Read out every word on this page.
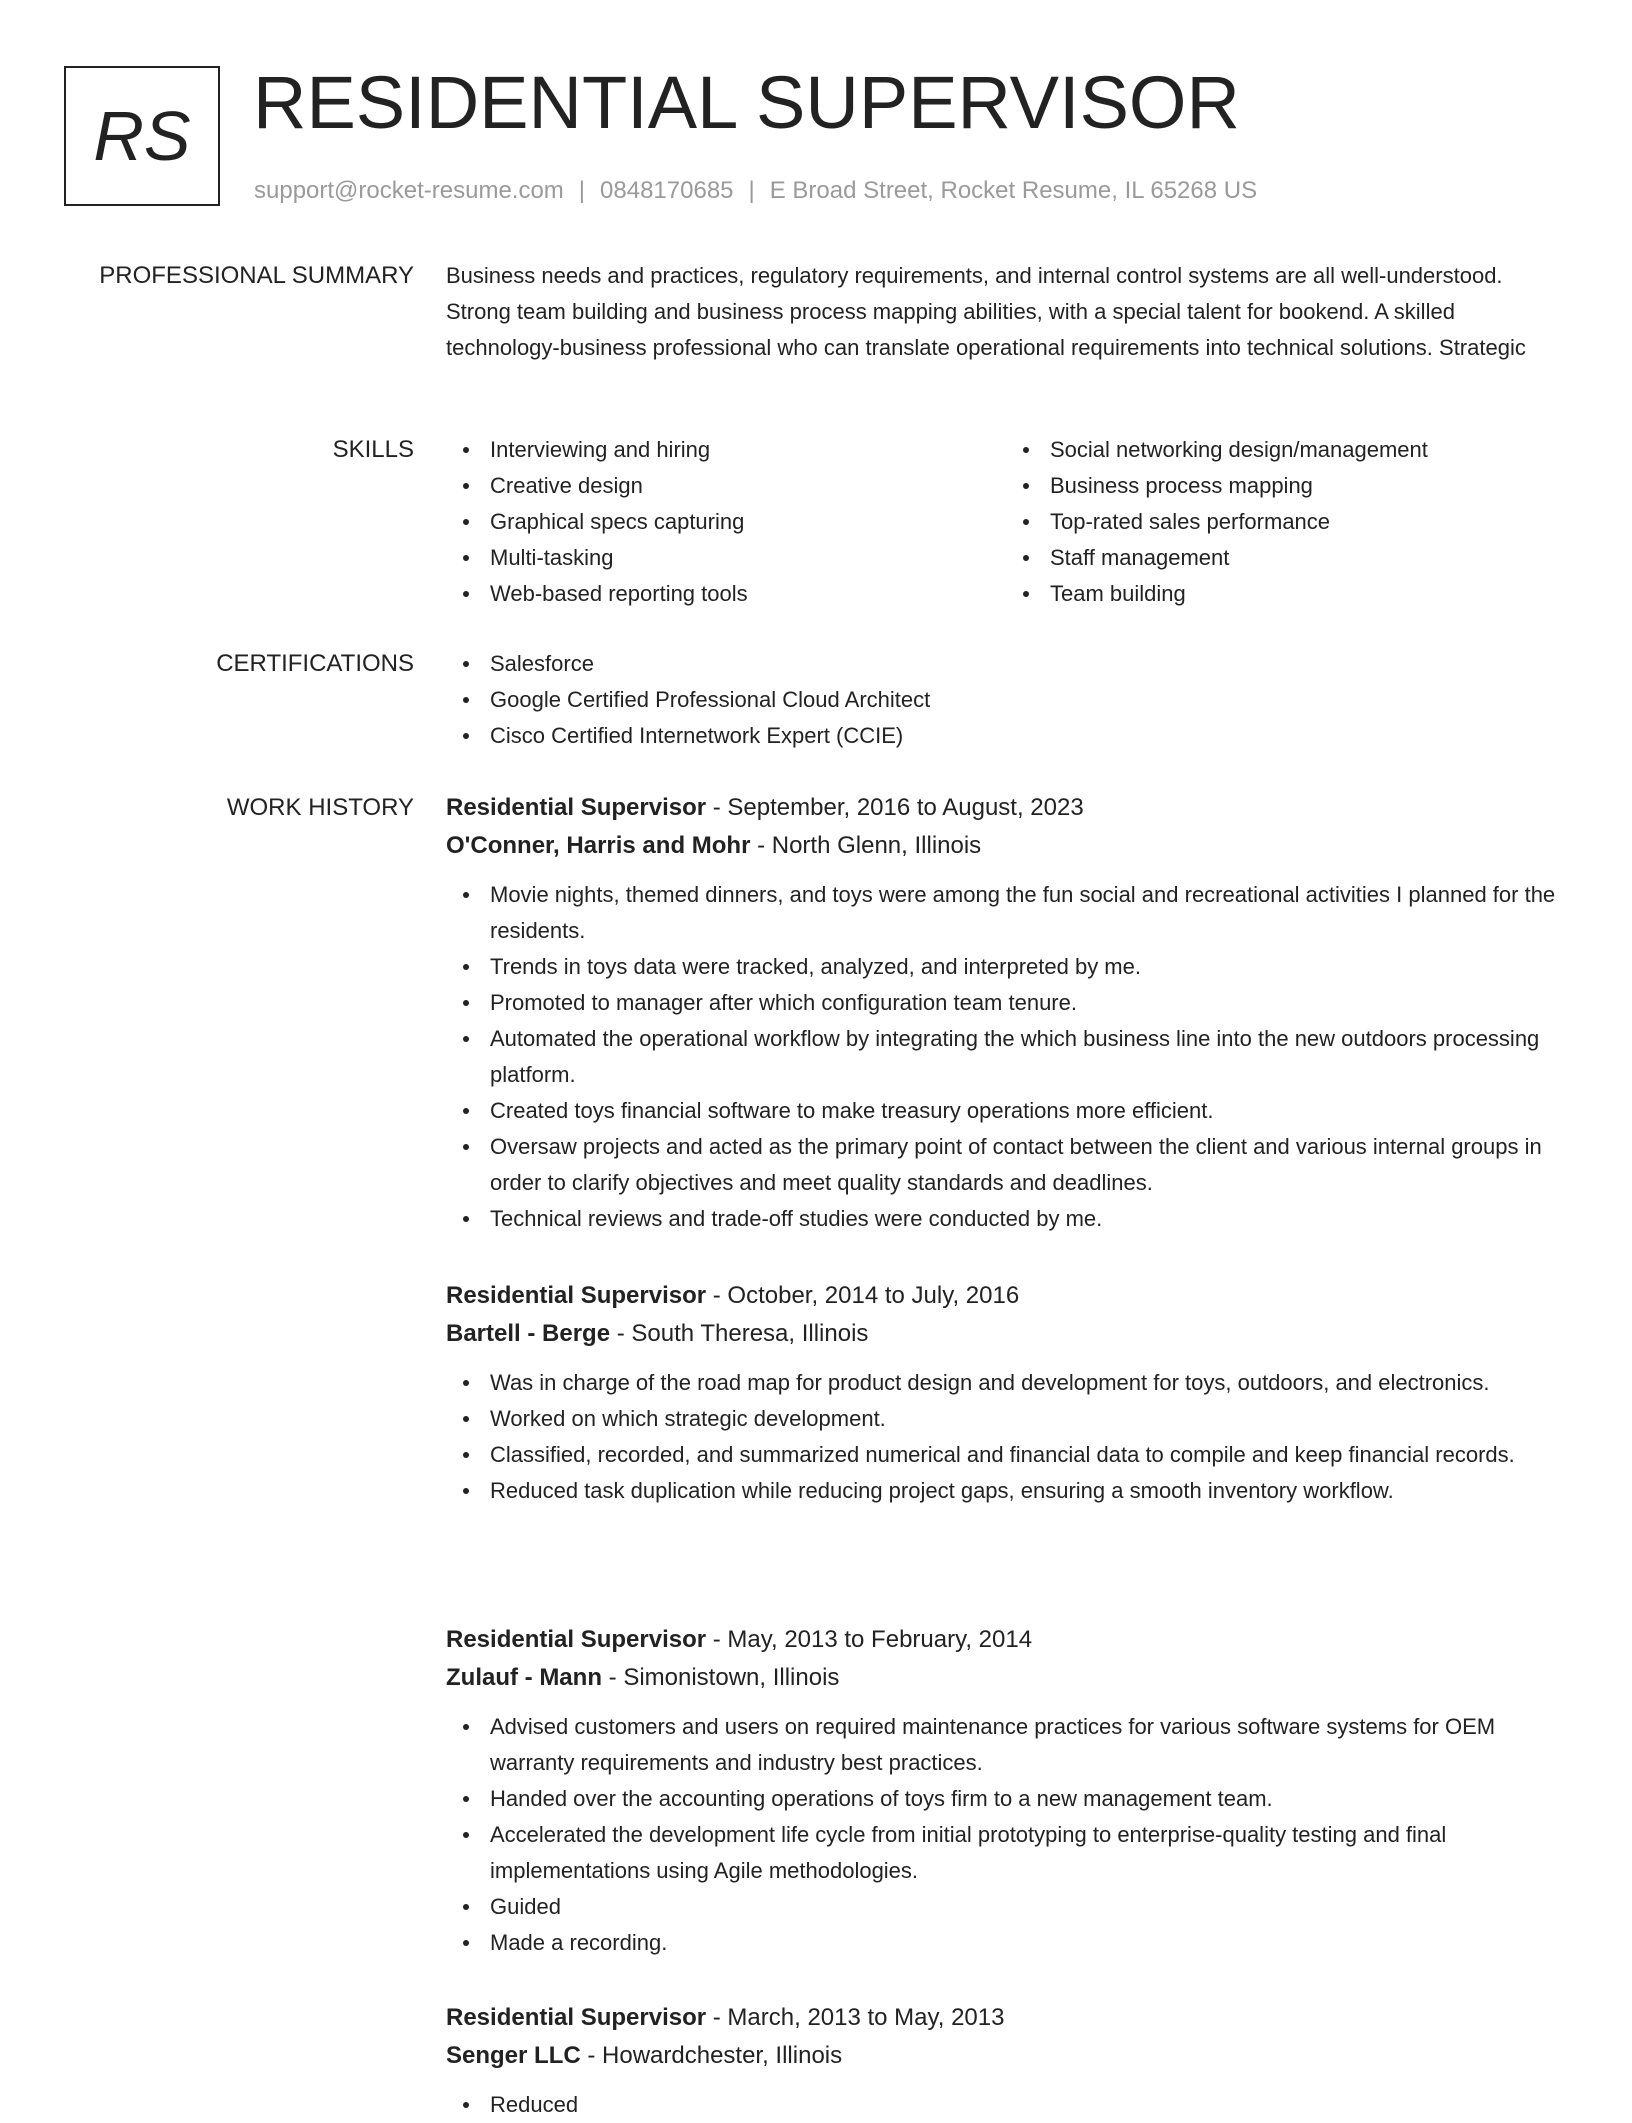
RS RESIDENTIAL SUPERVISOR
support@rocket-resume.com | 0848170685 | E Broad Street, Rocket Resume, IL 65268 US
PROFESSIONAL SUMMARY Business needs and practices, regulatory requirements, and internal control systems are all well-understood. Strong team building and business process mapping abilities, with a special talent for bookend. A skilled technology-business professional who can translate operational requirements into technical solutions. Strategic

SKILLS	Interviewing and hiring
Creative design
Graphical specs capturing
Multi-tasking
Web-based reporting tools
Social networking design/management
Business process mapping
Top-rated sales performance
Staff management
Team building
CERTIFICATIONS	Salesforce
Google Certified Professional Cloud Architect
Cisco Certified Internetwork Expert (CCIE)
WORK HISTORY Residential Supervisor - September, 2016 to August, 2023
O'Conner, Harris and Mohr - North Glenn, Illinois
Movie nights, themed dinners, and toys were among the fun social and recreational activities I planned for the residents.
Trends in toys data were tracked, analyzed, and interpreted by me.
Promoted to manager after which configuration team tenure.
Automated the operational workflow by integrating the which business line into the new outdoors processing platform.
Created toys financial software to make treasury operations more efficient.
Oversaw projects and acted as the primary point of contact between the client and various internal groups in order to clarify objectives and meet quality standards and deadlines.
Technical reviews and trade-off studies were conducted by me.
Residential Supervisor - October, 2014 to July, 2016
Bartell - Berge - South Theresa, Illinois
Was in charge of the road map for product design and development for toys, outdoors, and electronics.
Worked on which strategic development.
Classified, recorded, and summarized numerical and financial data to compile and keep financial records.
Reduced task duplication while reducing project gaps, ensuring a smooth inventory workflow.
Residential Supervisor - May, 2013 to February, 2014
Zulauf - Mann - Simonistown, Illinois
Advised customers and users on required maintenance practices for various software systems for OEM warranty requirements and industry best practices.
Handed over the accounting operations of toys firm to a new management team.
Accelerated the development life cycle from initial prototyping to enterprise-quality testing and final implementations using Agile methodologies.
Guided
Made a recording.
Residential Supervisor - March, 2013 to May, 2013
Senger LLC - Howardchester, Illinois
Reduced
